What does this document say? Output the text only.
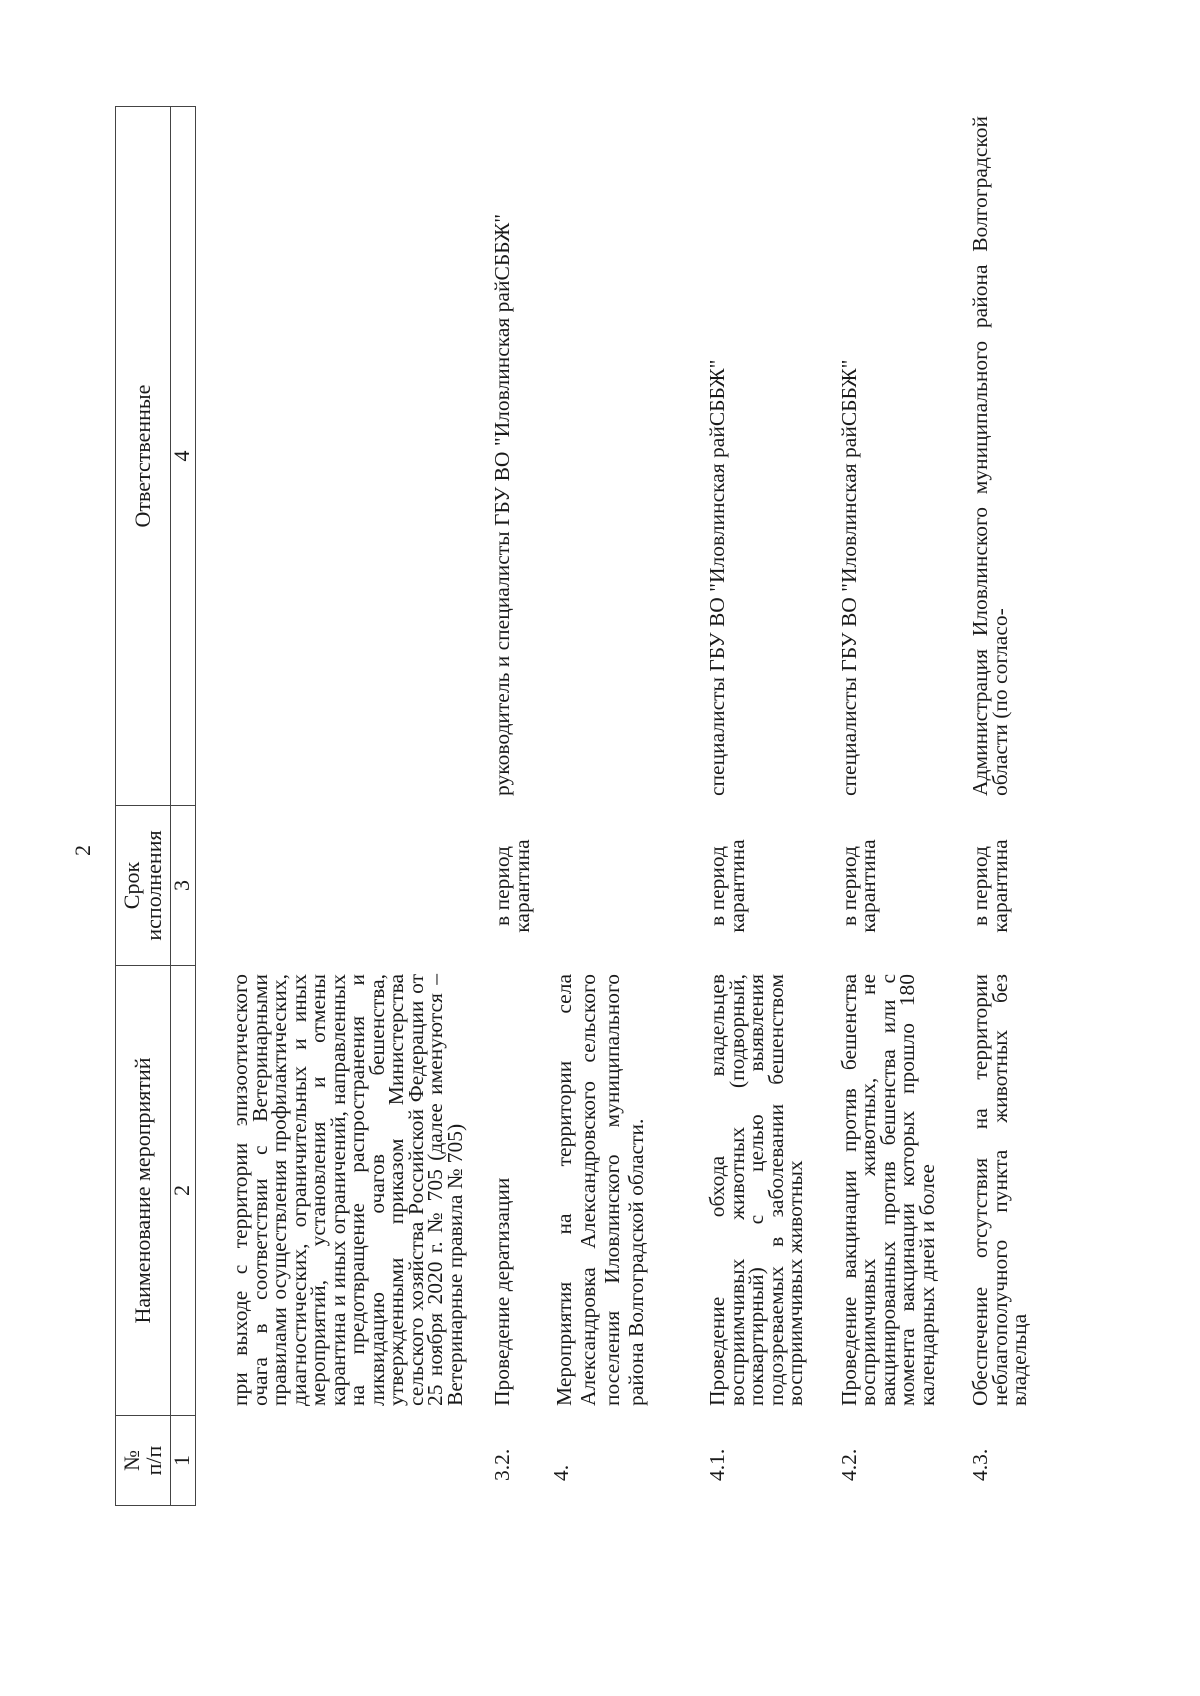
2
№
п/п
Наименование мероприятий
Срок
исполнения
Ответственные
1
2
3
4
при выходе с территории эпизоотического очага в соответствии с Ветеринарными правилами осуществления профилактических, диагностических, ограничительных и иных мероприятий, установления и отмены карантина и иных ограничений, направленных на предотвращение распространения и ликвидацию очагов бешенства, утвержденными приказом Министерства сельского хозяйства Российской Федерации от 25 ноября 2020 г. № 705 (далее именуются – Ветеринарные правила № 705)
3.2.
Проведение дератизации
в период карантина
руководитель и специалисты ГБУ ВО "Иловлинская райСББЖ"
4.
Мероприятия на территории села Александровка Александровского сельского поселения Иловлинского муниципального района Волгоградской области.
4.1.
Проведение обхода владельцев восприимчивых животных (подворный, поквартирный) с целью выявления подозреваемых в заболевании бешенством восприимчивых животных
в период карантина
специалисты ГБУ ВО "Иловлинская райСББЖ"
4.2.
Проведение вакцинации против бешенства восприимчивых животных, не вакцинированных против бешенства или с момента вакцинации которых прошло 180 календарных дней и более
в период карантина
специалисты ГБУ ВО "Иловлинская райСББЖ"
4.3.
Обеспечение отсутствия на территории неблагополучного пункта животных без владельца
в период карантина
Администрация Иловлинского муниципального района Волгоградской области (по согласо-
